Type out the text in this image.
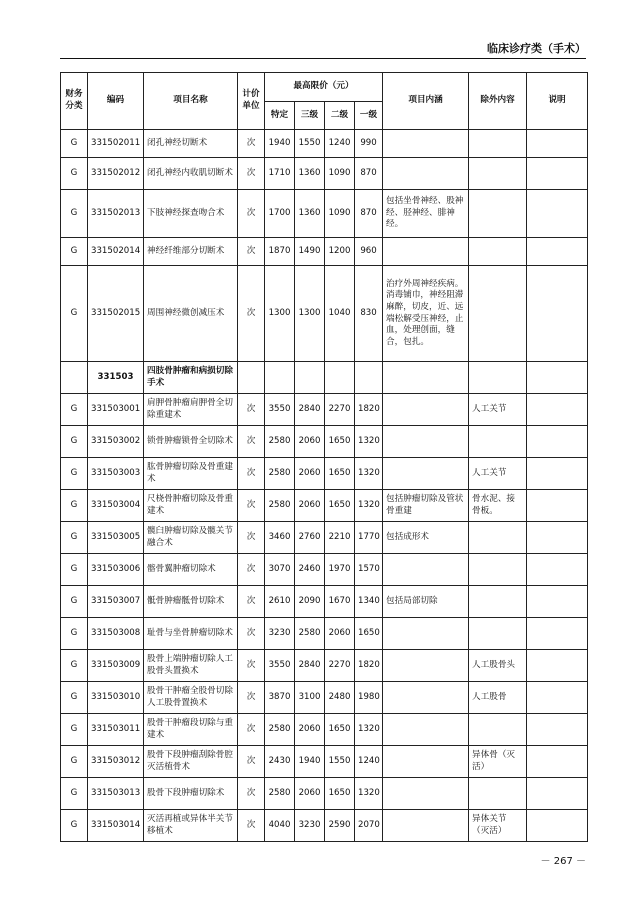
临床诊疗类（手术）
财务分类	编码	项目名称	计价单位	最高限价（元）				项目内涵	除外内容	说明
				特定	三级	二级	一级			
G	331502011	闭孔神经切断术	次	1940	1550	1240	990			
G	331502012	闭孔神经内收肌切断术	次	1710	1360	1090	870			
G	331502013	下肢神经探查吻合术	次	1700	1360	1090	870	包括坐骨神经、股神经、胫神经、腓神经。		
G	331502014	神经纤维部分切断术	次	1870	1490	1200	960			
G	331502015	周围神经微创减压术	次	1300	1300	1040	830	治疗外周神经疾病。消毒铺巾，神经阻滞麻醉，切皮，近、远端松解受压神经，止血，处理创面，缝合，包扎。		
	331503	四肢骨肿瘤和病损切除手术								
G	331503001	肩胛骨肿瘤肩胛骨全切除重建术	次	3550	2840	2270	1820		人工关节	
G	331503002	锁骨肿瘤锁骨全切除术	次	2580	2060	1650	1320			
G	331503003	肱骨肿瘤切除及骨重建术	次	2580	2060	1650	1320		人工关节	
G	331503004	尺桡骨肿瘤切除及骨重建术	次	2580	2060	1650	1320	包括肿瘤切除及管状骨重建	骨水泥、接骨板。	
G	331503005	髋臼肿瘤切除及髋关节融合术	次	3460	2760	2210	1770	包括成形术		
G	331503006	髂骨翼肿瘤切除术	次	3070	2460	1970	1570			
G	331503007	骶骨肿瘤骶骨切除术	次	2610	2090	1670	1340	包括局部切除		
G	331503008	耻骨与坐骨肿瘤切除术	次	3230	2580	2060	1650			
G	331503009	股骨上端肿瘤切除人工股骨头置换术	次	3550	2840	2270	1820		人工股骨头	
G	331503010	股骨干肿瘤全股骨切除人工股骨置换术	次	3870	3100	2480	1980		人工股骨	
G	331503011	股骨干肿瘤段切除与重建术	次	2580	2060	1650	1320			
G	331503012	股骨下段肿瘤刮除骨腔灭活植骨术	次	2430	1940	1550	1240		异体骨（灭活）	
G	331503013	股骨下段肿瘤切除术	次	2580	2060	1650	1320			
G	331503014	灭活再植或异体半关节移植术	次	4040	3230	2590	2070		异体关节（灭活）	
－ 267 －
